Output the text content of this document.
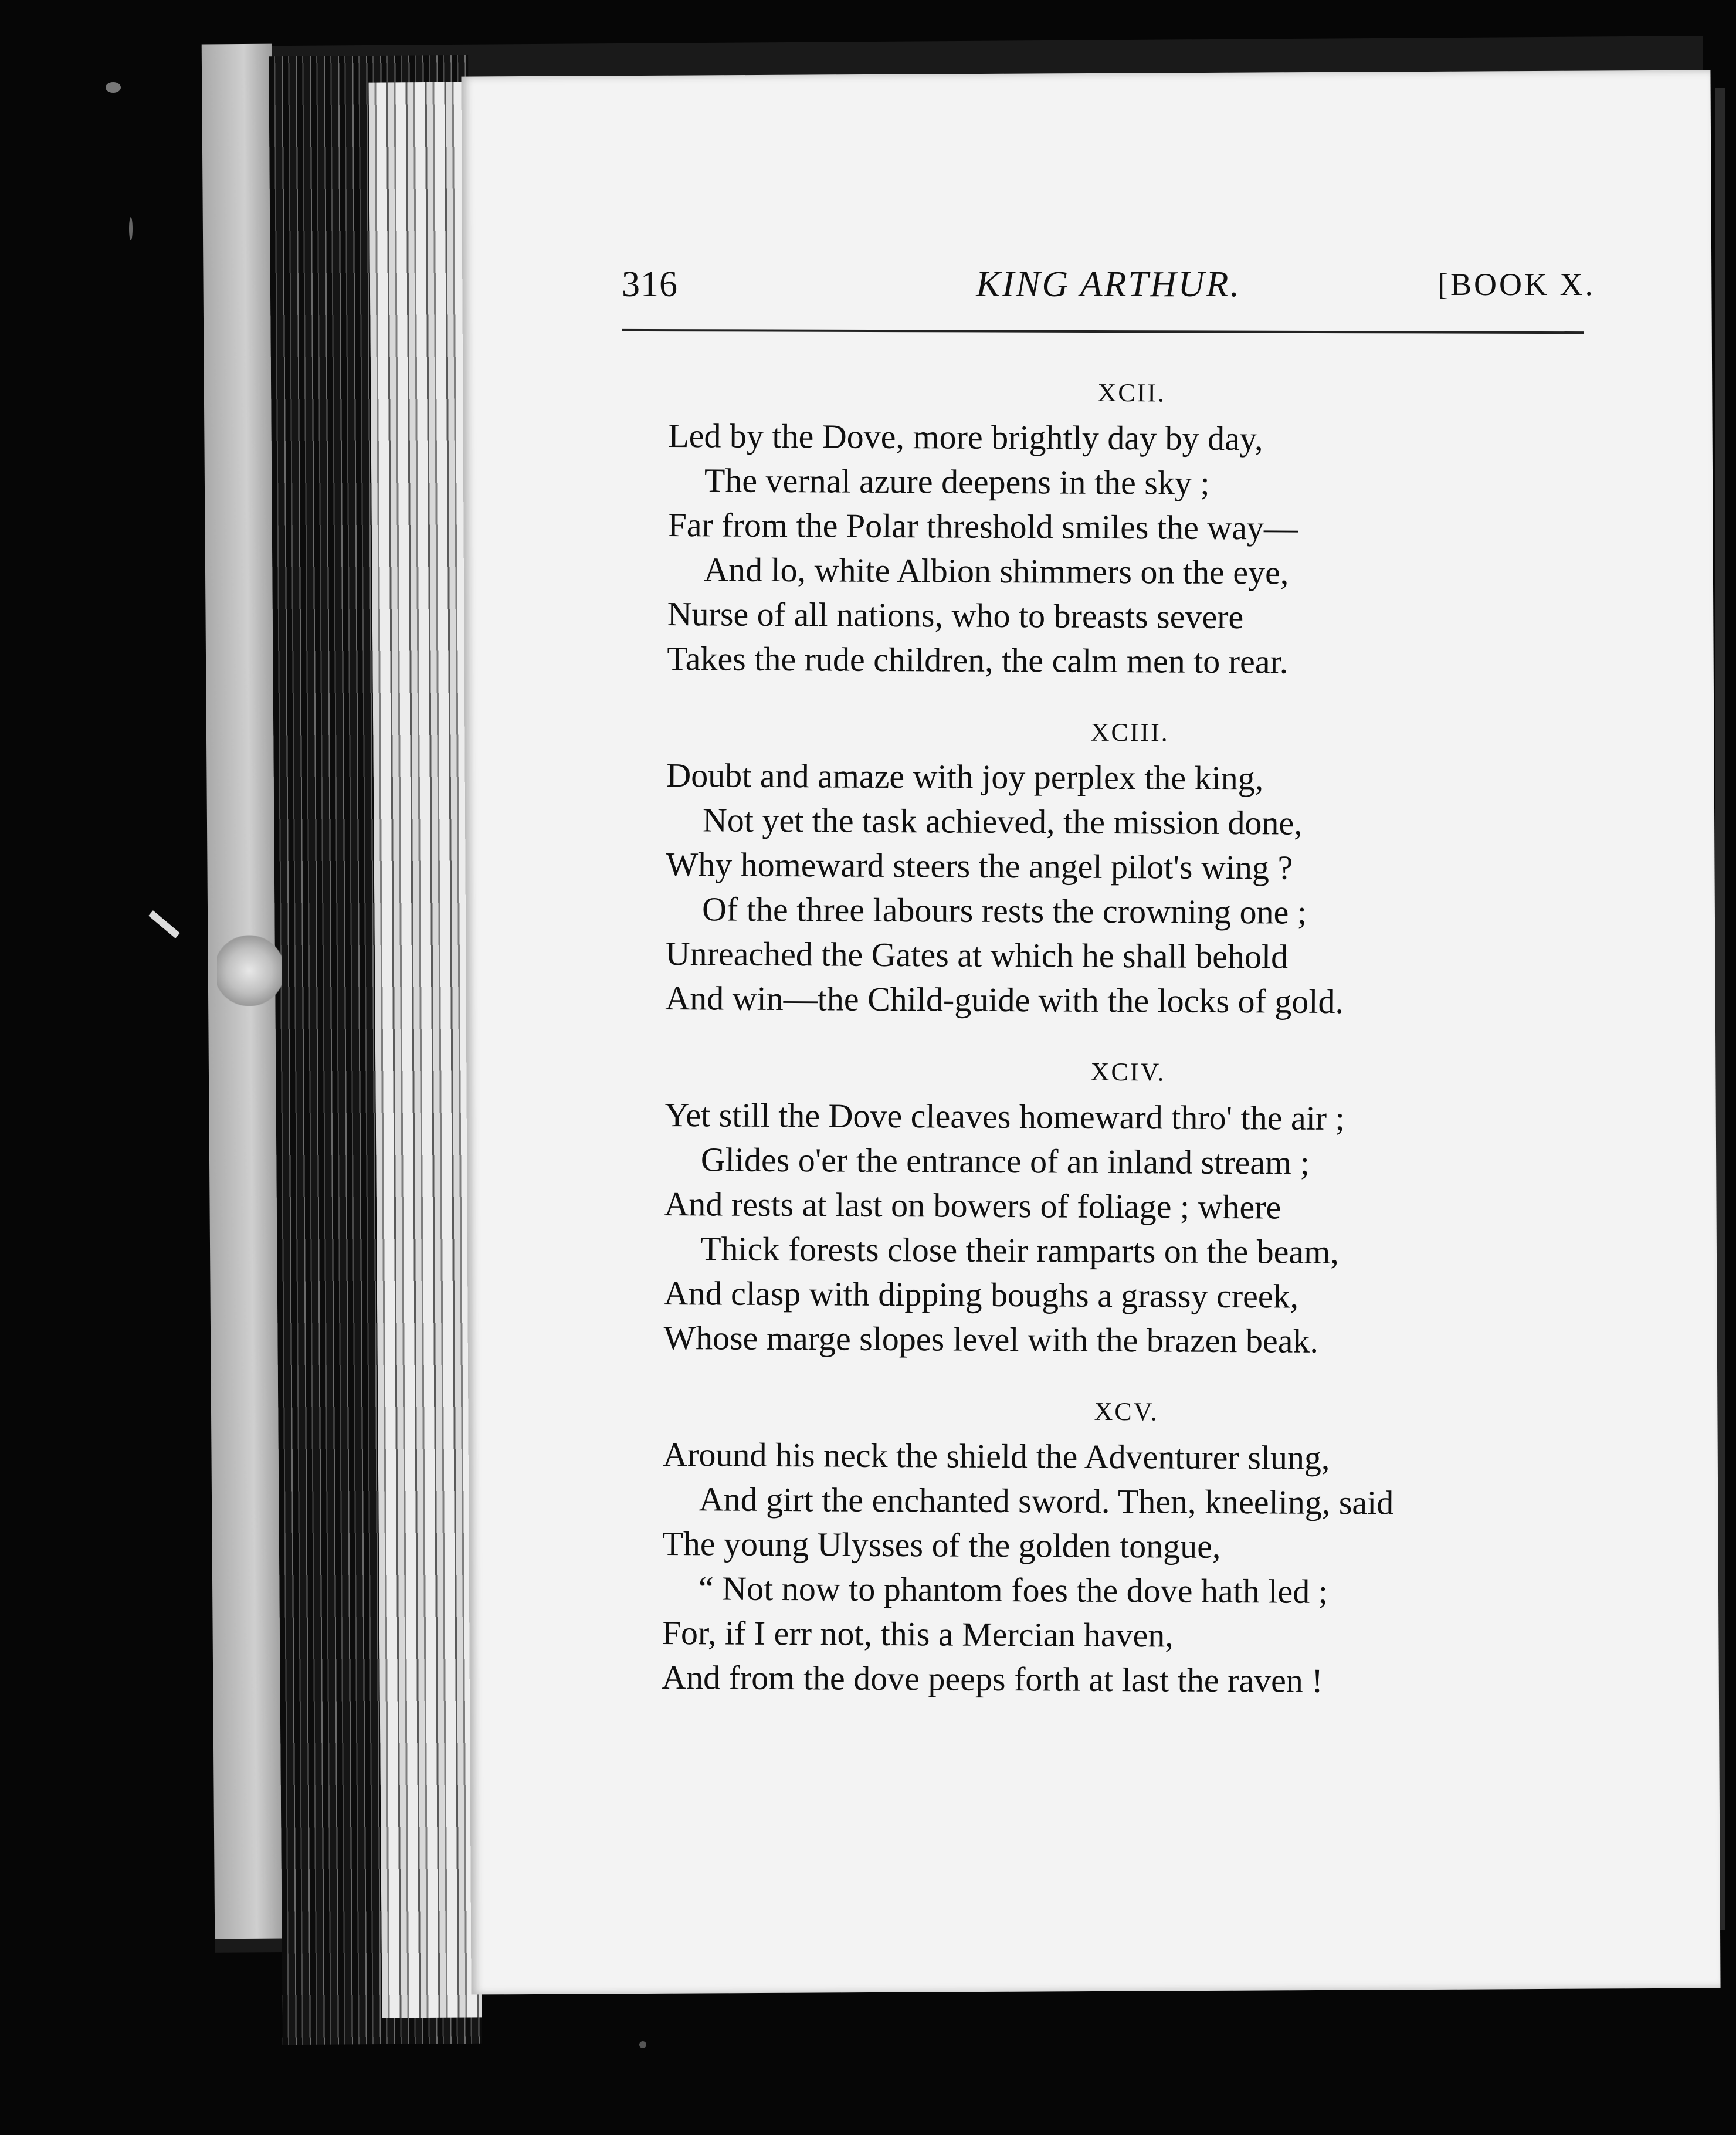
316	KING ARTHUR.	[BOOK X.
XCII.
Led by the Dove, more brightly day by day,
The vernal azure deepens in the sky ;
Far from the Polar threshold smiles the way—
And lo, white Albion shimmers on the eye,
Nurse of all nations, who to breasts severe
Takes the rude children, the calm men to rear.
XCIII.
Doubt and amaze with joy perplex the king,
Not yet the task achieved, the mission done,
Why homeward steers the angel pilot's wing ?
Of the three labours rests the crowning one ;
Unreached the Gates at which he shall behold
And win—the Child-guide with the locks of gold.
XCIV.
Yet still the Dove cleaves homeward thro' the air ;
Glides o'er the entrance of an inland stream ;
And rests at last on bowers of foliage ; where
Thick forests close their ramparts on the beam,
And clasp with dipping boughs a grassy creek,
Whose marge slopes level with the brazen beak.
XCV.
Around his neck the shield the Adventurer slung,
And girt the enchanted sword. Then, kneeling, said
The young Ulysses of the golden tongue,
“ Not now to phantom foes the dove hath led ;
For, if I err not, this a Mercian haven,
And from the dove peeps forth at last the raven !
